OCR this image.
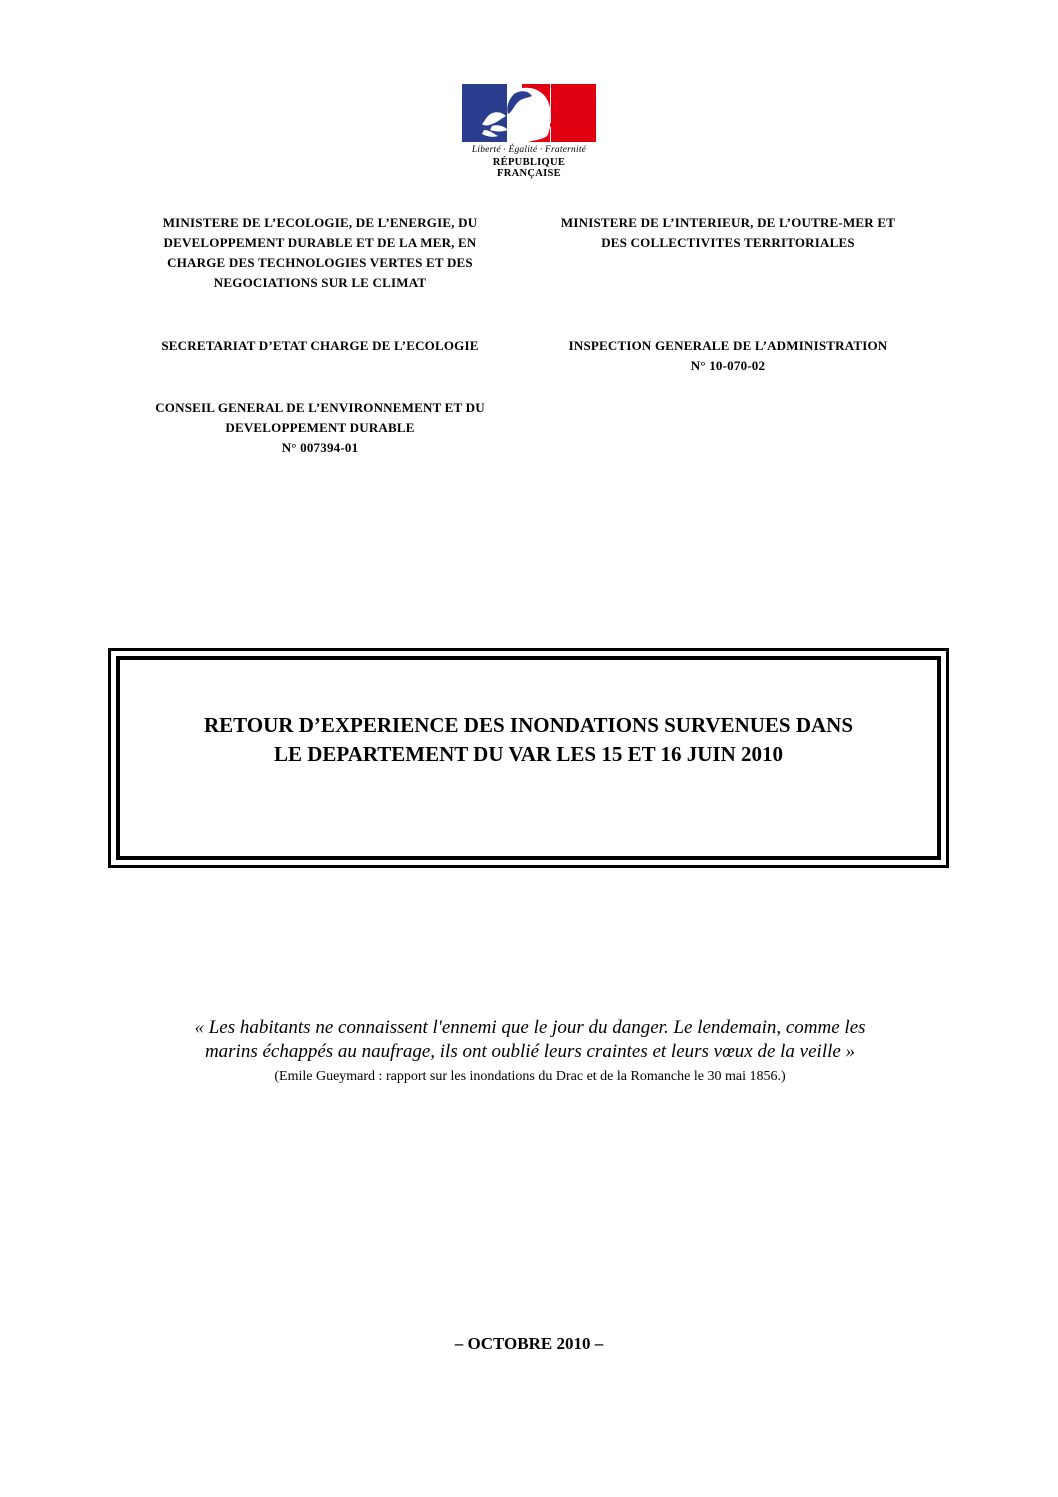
Liberté · Égalité · Fraternité
RÉPUBLIQUE FRANÇAISE
MINISTERE DE L’ECOLOGIE, DE L’ENERGIE, DU
DEVELOPPEMENT DURABLE ET DE LA MER, EN
CHARGE DES TECHNOLOGIES VERTES ET DES
NEGOCIATIONS SUR LE CLIMAT
MINISTERE DE L’INTERIEUR, DE L’OUTRE-MER ET
DES COLLECTIVITES TERRITORIALES
SECRETARIAT D’ETAT CHARGE DE L’ECOLOGIE	INSPECTION GENERALE DE L’ADMINISTRATION
N° 10-070-02
CONSEIL GENERAL DE L’ENVIRONNEMENT ET DU
DEVELOPPEMENT DURABLE
N° 007394-01
RETOUR D’EXPERIENCE DES INONDATIONS SURVENUES DANS
LE DEPARTEMENT DU VAR LES 15 ET 16 JUIN 2010
« Les habitants ne connaissent l'ennemi que le jour du danger. Le lendemain, comme les
marins échappés au naufrage, ils ont oublié leurs craintes et leurs vœux de la veille »
(Emile Gueymard : rapport sur les inondations du Drac et de la Romanche le 30 mai 1856.)
– OCTOBRE 2010 –
